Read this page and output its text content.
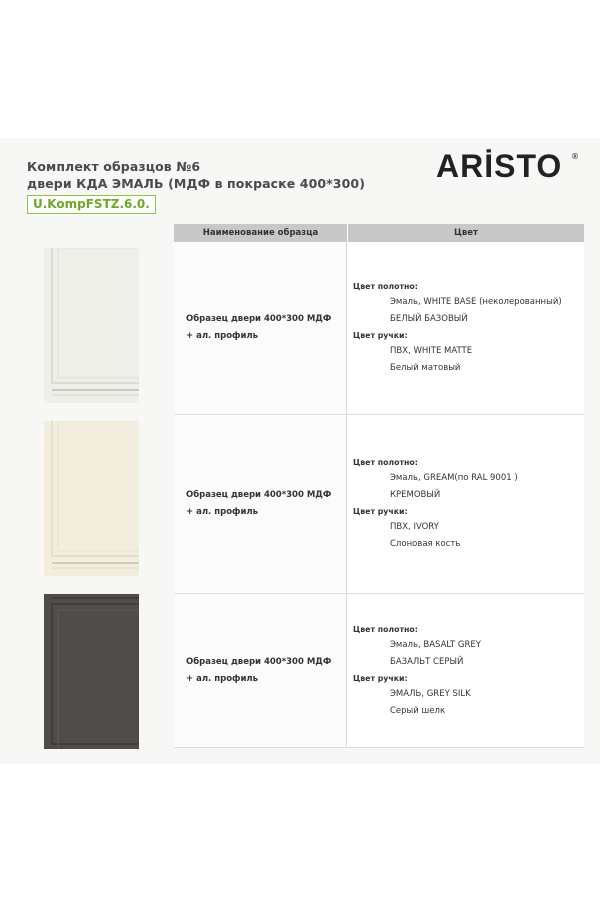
Комплект образцов №6
двери КДА ЭМАЛЬ (МДФ в покраске 400*300)
U.KompFSTZ.6.0.
ARİSTO ®
Наименование образца	Цвет
Образец двери 400*300 МДФ
+ ал. профиль
Цвет полотно:
Эмаль, WHITE BASE (неколерованный)
БЕЛЫЙ БАЗОВЫЙ
Цвет ручки:
ПВХ, WHITE MATTE
Белый матовый
Образец двери 400*300 МДФ
+ ал. профиль
Цвет полотно:
Эмаль, GREAM(по RAL 9001 )
КРЕМОВЫЙ
Цвет ручки:
ПВХ, IVORY
Слоновая кость
Образец двери 400*300 МДФ
+ ал. профиль
Цвет полотно:
Эмаль, BASALT GREY
БАЗАЛЬТ СЕРЫЙ
Цвет ручки:
ЭМАЛЬ, GREY SILK
Серый шелк
